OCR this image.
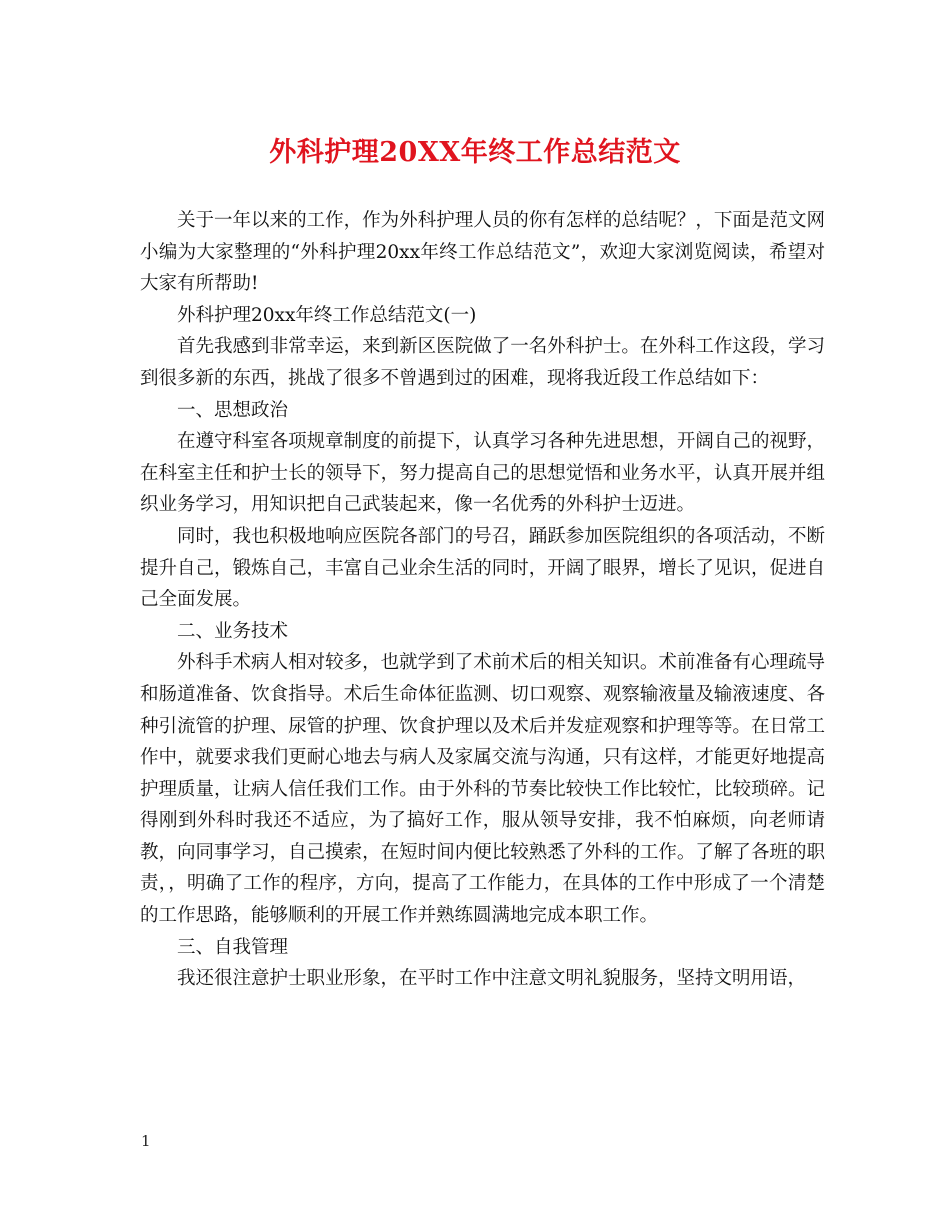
外科护理20XX年终工作总结范文

关于一年以来的工作，作为外科护理人员的你有怎样的总结呢？，下面是范文网小编为大家整理的“外科护理20xx年终工作总结范文”，欢迎大家浏览阅读，希望对大家有所帮助!

外科护理20xx年终工作总结范文(一)

首先我感到非常幸运，来到新区医院做了一名外科护士。在外科工作这段，学习到很多新的东西，挑战了很多不曾遇到过的困难，现将我近段工作总结如下：

一、思想政治

在遵守科室各项规章制度的前提下，认真学习各种先进思想，开阔自己的视野，在科室主任和护士长的领导下，努力提高自己的思想觉悟和业务水平，认真开展并组织业务学习，用知识把自己武装起来，像一名优秀的外科护士迈进。

同时，我也积极地响应医院各部门的号召，踊跃参加医院组织的各项活动，不断提升自己，锻炼自己，丰富自己业余生活的同时，开阔了眼界，增长了见识，促进自己全面发展。

二、业务技术

外科手术病人相对较多，也就学到了术前术后的相关知识。术前准备有心理疏导和肠道准备、饮食指导。术后生命体征监测、切口观察、观察输液量及输液速度、各种引流管的护理、尿管的护理、饮食护理以及术后并发症观察和护理等等。在日常工作中，就要求我们更耐心地去与病人及家属交流与沟通，只有这样，才能更好地提高护理质量，让病人信任我们工作。由于外科的节奏比较快工作比较忙，比较琐碎。记得刚到外科时我还不适应，为了搞好工作，服从领导安排，我不怕麻烦，向老师请教，向同事学习，自己摸索，在短时间内便比较熟悉了外科的工作。了解了各班的职责，，明确了工作的程序，方向，提高了工作能力，在具体的工作中形成了一个清楚的工作思路，能够顺利的开展工作并熟练圆满地完成本职工作。

三、自我管理

我还很注意护士职业形象，在平时工作中注意文明礼貌服务，坚持文明用语，

1
